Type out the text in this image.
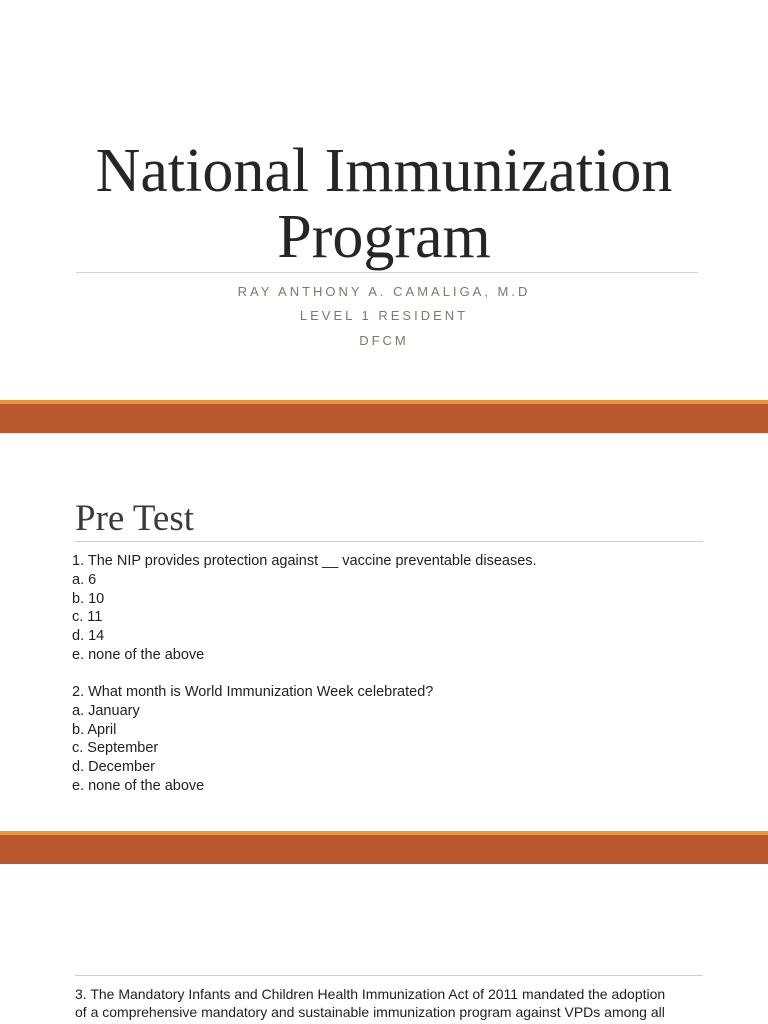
National Immunization
Program
RAY ANTHONY A. CAMALIGA, M.D
LEVEL 1 RESIDENT
DFCM
Pre Test
1. The NIP provides protection against __ vaccine preventable diseases.
a. 6
b. 10
c. 11
d. 14
e. none of the above
2. What month is World Immunization Week celebrated?
a. January
b. April
c. September
d. December
e. none of the above
3. The Mandatory Infants and Children Health Immunization Act of 2011 mandated the adoption
of a comprehensive mandatory and sustainable immunization program against VPDs among all
